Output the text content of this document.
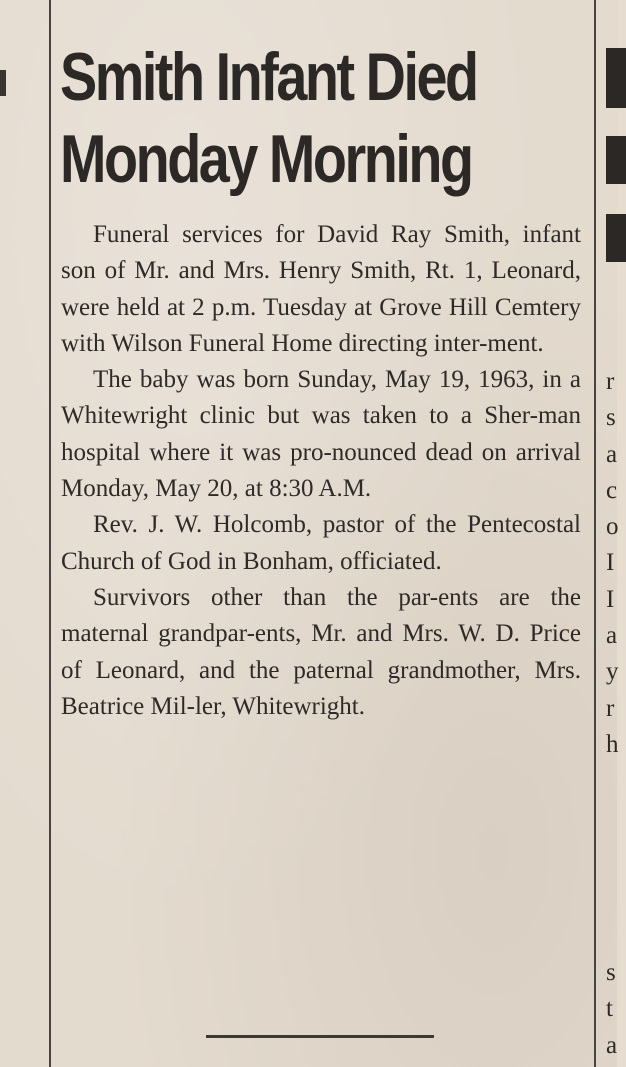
Smith Infant Died
Monday Morning

Funeral services for David Ray Smith, infant son of Mr. and Mrs. Henry Smith, Rt. 1, Leonard, were held at 2 p.m. Tuesday at Grove Hill Cemtery with Wilson Funeral Home directing inter-ment.

The baby was born Sunday, May 19, 1963, in a Whitewright clinic but was taken to a Sher-man hospital where it was pro-nounced dead on arrival Monday, May 20, at 8:30 A.M.

Rev. J. W. Holcomb, pastor of the Pentecostal Church of God in Bonham, officiated.

Survivors other than the par-ents are the maternal grandpar-ents, Mr. and Mrs. W. D. Price of Leonard, and the paternal grandmother, Mrs. Beatrice Mil-ler, Whitewright.

r
s
a
c
o
I
I
a
y
r
h
s
t
a
